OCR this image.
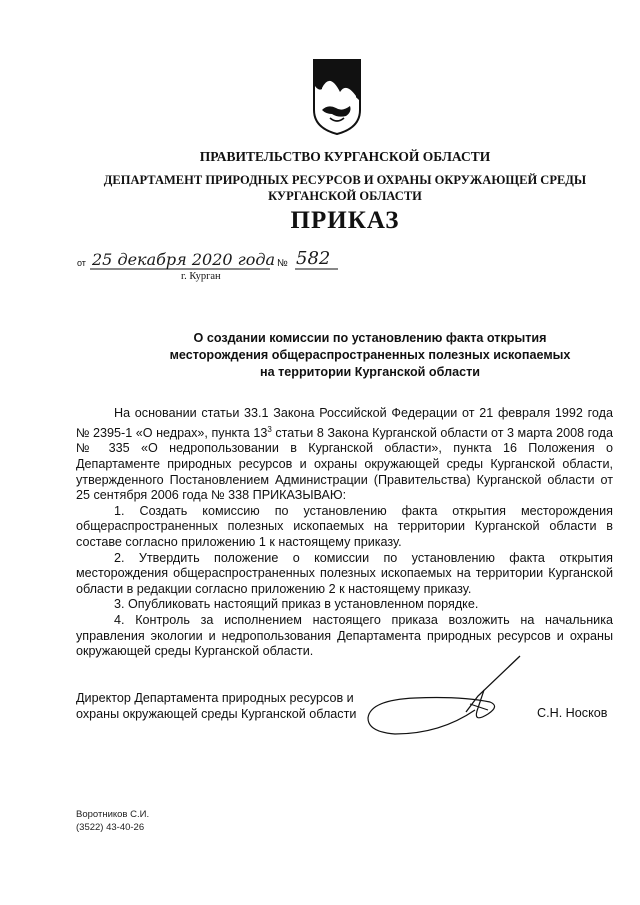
ПРАВИТЕЛЬСТВО КУРГАНСКОЙ ОБЛАСТИ
ДЕПАРТАМЕНТ ПРИРОДНЫХ РЕСУРСОВ И ОХРАНЫ ОКРУЖАЮЩЕЙ СРЕДЫ
КУРГАНСКОЙ ОБЛАСТИ
ПРИКАЗ
от 25 декабря 2020 года № 582
г. Курган
О создании комиссии по установлению факта открытия
месторождения общераспространенных полезных ископаемых
на территории Курганской области

На основании статьи 33.1 Закона Российской Федерации от 21 февраля 1992 года № 2395-1 «О недрах», пункта $13^3$ статьи 8 Закона Курганской области от 3 марта 2008 года № 335 «О недропользовании в Курганской области», пункта 16 Положения о Департаменте природных ресурсов и охраны окружающей среды Курганской области, утвержденного Постановлением Администрации (Правительства) Курганской области от 25 сентября 2006 года № 338 ПРИКАЗЫВАЮ:

1. Создать комиссию по установлению факта открытия месторождения общераспространенных полезных ископаемых на территории Курганской области в составе согласно приложению 1 к настоящему приказу.

2. Утвердить положение о комиссии по установлению факта открытия месторождения общераспространенных полезных ископаемых на территории Курганской области в редакции согласно приложению 2 к настоящему приказу.

3. Опубликовать настоящий приказ в установленном порядке.

4. Контроль за исполнением настоящего приказа возложить на начальника управления экологии и недропользования Департамента природных ресурсов и охраны окружающей среды Курганской области.

Директор Департамента природных ресурсов и
охраны окружающей среды Курганской области	С.Н. Носков
Воротников С.И.
(3522) 43-40-26
